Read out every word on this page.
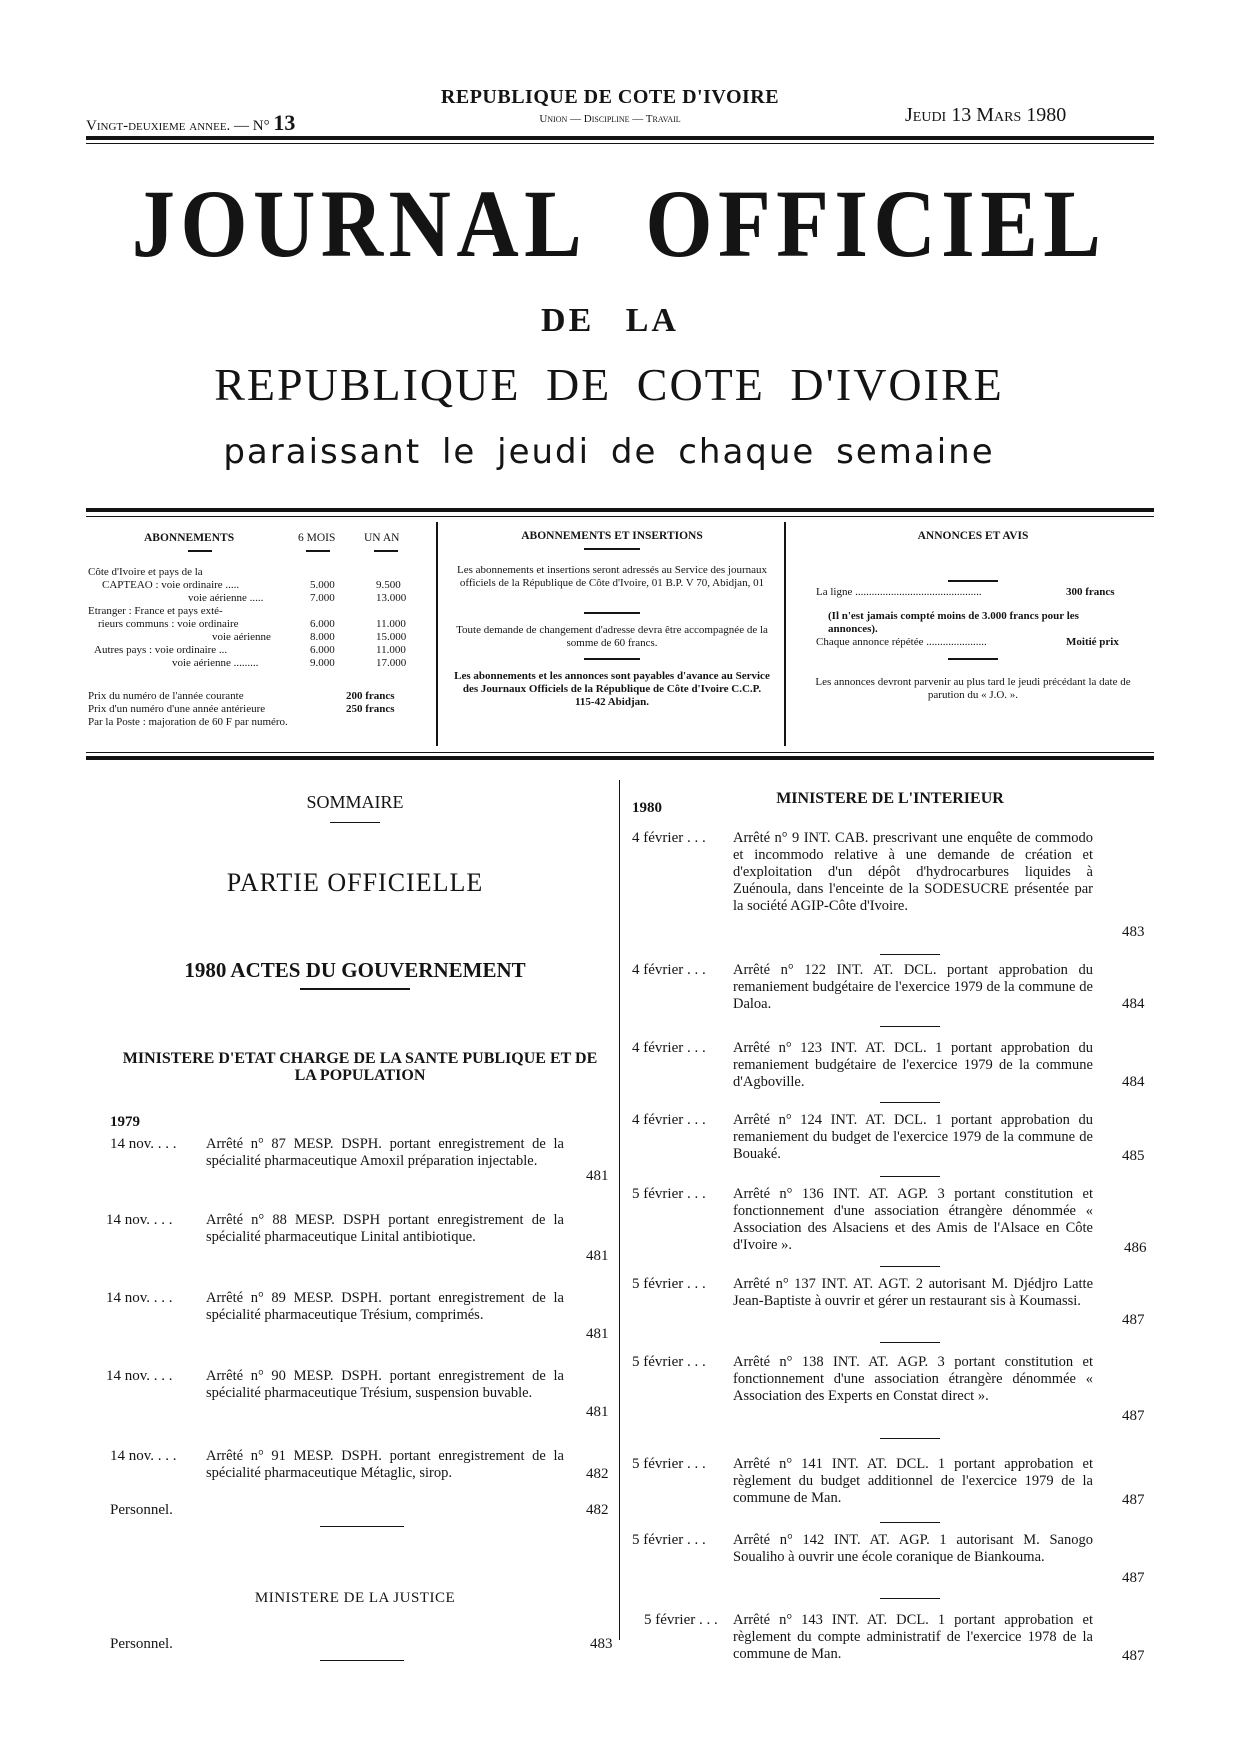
REPUBLIQUE DE COTE D'IVOIRE
Union — Discipline — Travail
Vingt-deuxieme annee. — N° 13	Jeudi 13 Mars 1980
JOURNAL OFFICIEL
DE LA
REPUBLIQUE DE COTE D'IVOIRE
paraissant le jeudi de chaque semaine
ABONNEMENTS	6 MOIS UN AN
Côte d'Ivoire et pays de la
CAPTEAO : voie ordinaire .....	5.000	9.500
voie aérienne .....	7.000	13.000
Etranger : France et pays exté-
rieurs communs : voie ordinaire	6.000	11.000
voie aérienne	8.000	15.000
Autres pays : voie ordinaire ...	6.000	11.000
voie aérienne .........	9.000	17.000
Prix du numéro de l'année courante	200 francs
Prix d'un numéro d'une année antérieure	250 francs
Par la Poste : majoration de 60 F par numéro.
ABONNEMENTS ET INSERTIONS
Les abonnements et insertions seront adressés au Service des journaux officiels de la République de Côte d'Ivoire, 01 B.P. V 70, Abidjan, 01
Toute demande de changement d'adresse devra être accompagnée de la somme de 60 francs.
Les abonnements et les annonces sont payables d'avance au Service des Journaux Officiels de la République de Côte d'Ivoire C.C.P. 115-42 Abidjan.
ANNONCES ET AVIS
La ligne ..............................................	300 francs
(Il n'est jamais compté moins de 3.000 francs pour les annonces).
Chaque annonce répétée ......................	Moitié prix
Les annonces devront parvenir au plus tard le jeudi précédant la date de parution du « J.O. ».
SOMMAIRE
PARTIE OFFICIELLE
1980 ACTES DU GOUVERNEMENT
MINISTERE D'ETAT CHARGE DE LA SANTE PUBLIQUE ET DE LA POPULATION
1979
14 nov. . . . Arrêté n° 87 MESP. DSPH. portant enregistrement de la spécialité pharmaceutique Amoxil préparation injectable.
481
14 nov. . . . Arrêté n° 88 MESP. DSPH portant enregistrement de la spécialité pharmaceutique Linital antibiotique.
481
14 nov. . . . Arrêté n° 89 MESP. DSPH. portant enregistrement de la spécialité pharmaceutique Trésium, comprimés.
481
14 nov. . . . Arrêté n° 90 MESP. DSPH. portant enregistrement de la spécialité pharmaceutique Trésium, suspension buvable.
481
14 nov. . . . Arrêté n° 91 MESP. DSPH. portant enregistrement de la spécialité pharmaceutique Métaglic, sirop.	482
Personnel.	482
MINISTERE DE LA JUSTICE
Personnel.	483
1980
MINISTERE DE L'INTERIEUR
4 février . . . Arrêté n° 9 INT. CAB. prescrivant une enquête de commodo et incommodo relative à une demande de création et d'exploitation d'un dépôt d'hydrocarbures liquides à Zuénoula, dans l'enceinte de la SODESUCRE présentée par la société AGIP-Côte d'Ivoire.
483
4 février . . . Arrêté n° 122 INT. AT. DCL. portant approbation du remaniement budgétaire de l'exercice 1979 de la commune de Daloa.	484
4 février . . . Arrêté n° 123 INT. AT. DCL. 1 portant approbation du remaniement budgétaire de l'exercice 1979 de la commune d'Agboville.	484
4 février . . . Arrêté n° 124 INT. AT. DCL. 1 portant approbation du remaniement du budget de l'exercice 1979 de la commune de Bouaké.	485
5 février . . . Arrêté n° 136 INT. AT. AGP. 3 portant constitution et fonctionnement d'une association étrangère dénommée « Association des Alsaciens et des Amis de l'Alsace en Côte d'Ivoire ».	486
5 février . . . Arrêté n° 137 INT. AT. AGT. 2 autorisant M. Djédjro Latte Jean-Baptiste à ouvrir et gérer un restaurant sis à Koumassi.
487
5 février . . . Arrêté n° 138 INT. AT. AGP. 3 portant constitution et fonctionnement d'une association étrangère dénommée « Association des Experts en Constat direct ».
487
5 février . . . Arrêté n° 141 INT. AT. DCL. 1 portant approbation et règlement du budget additionnel de l'exercice 1979 de la commune de Man.	487
5 février . . . Arrêté n° 142 INT. AT. AGP. 1 autorisant M. Sanogo Soualiho à ouvrir une école coranique de Biankouma.
487
5 février . . . Arrêté n° 143 INT. AT. DCL. 1 portant approbation et règlement du compte administratif de l'exercice 1978 de la commune de Man.	487
